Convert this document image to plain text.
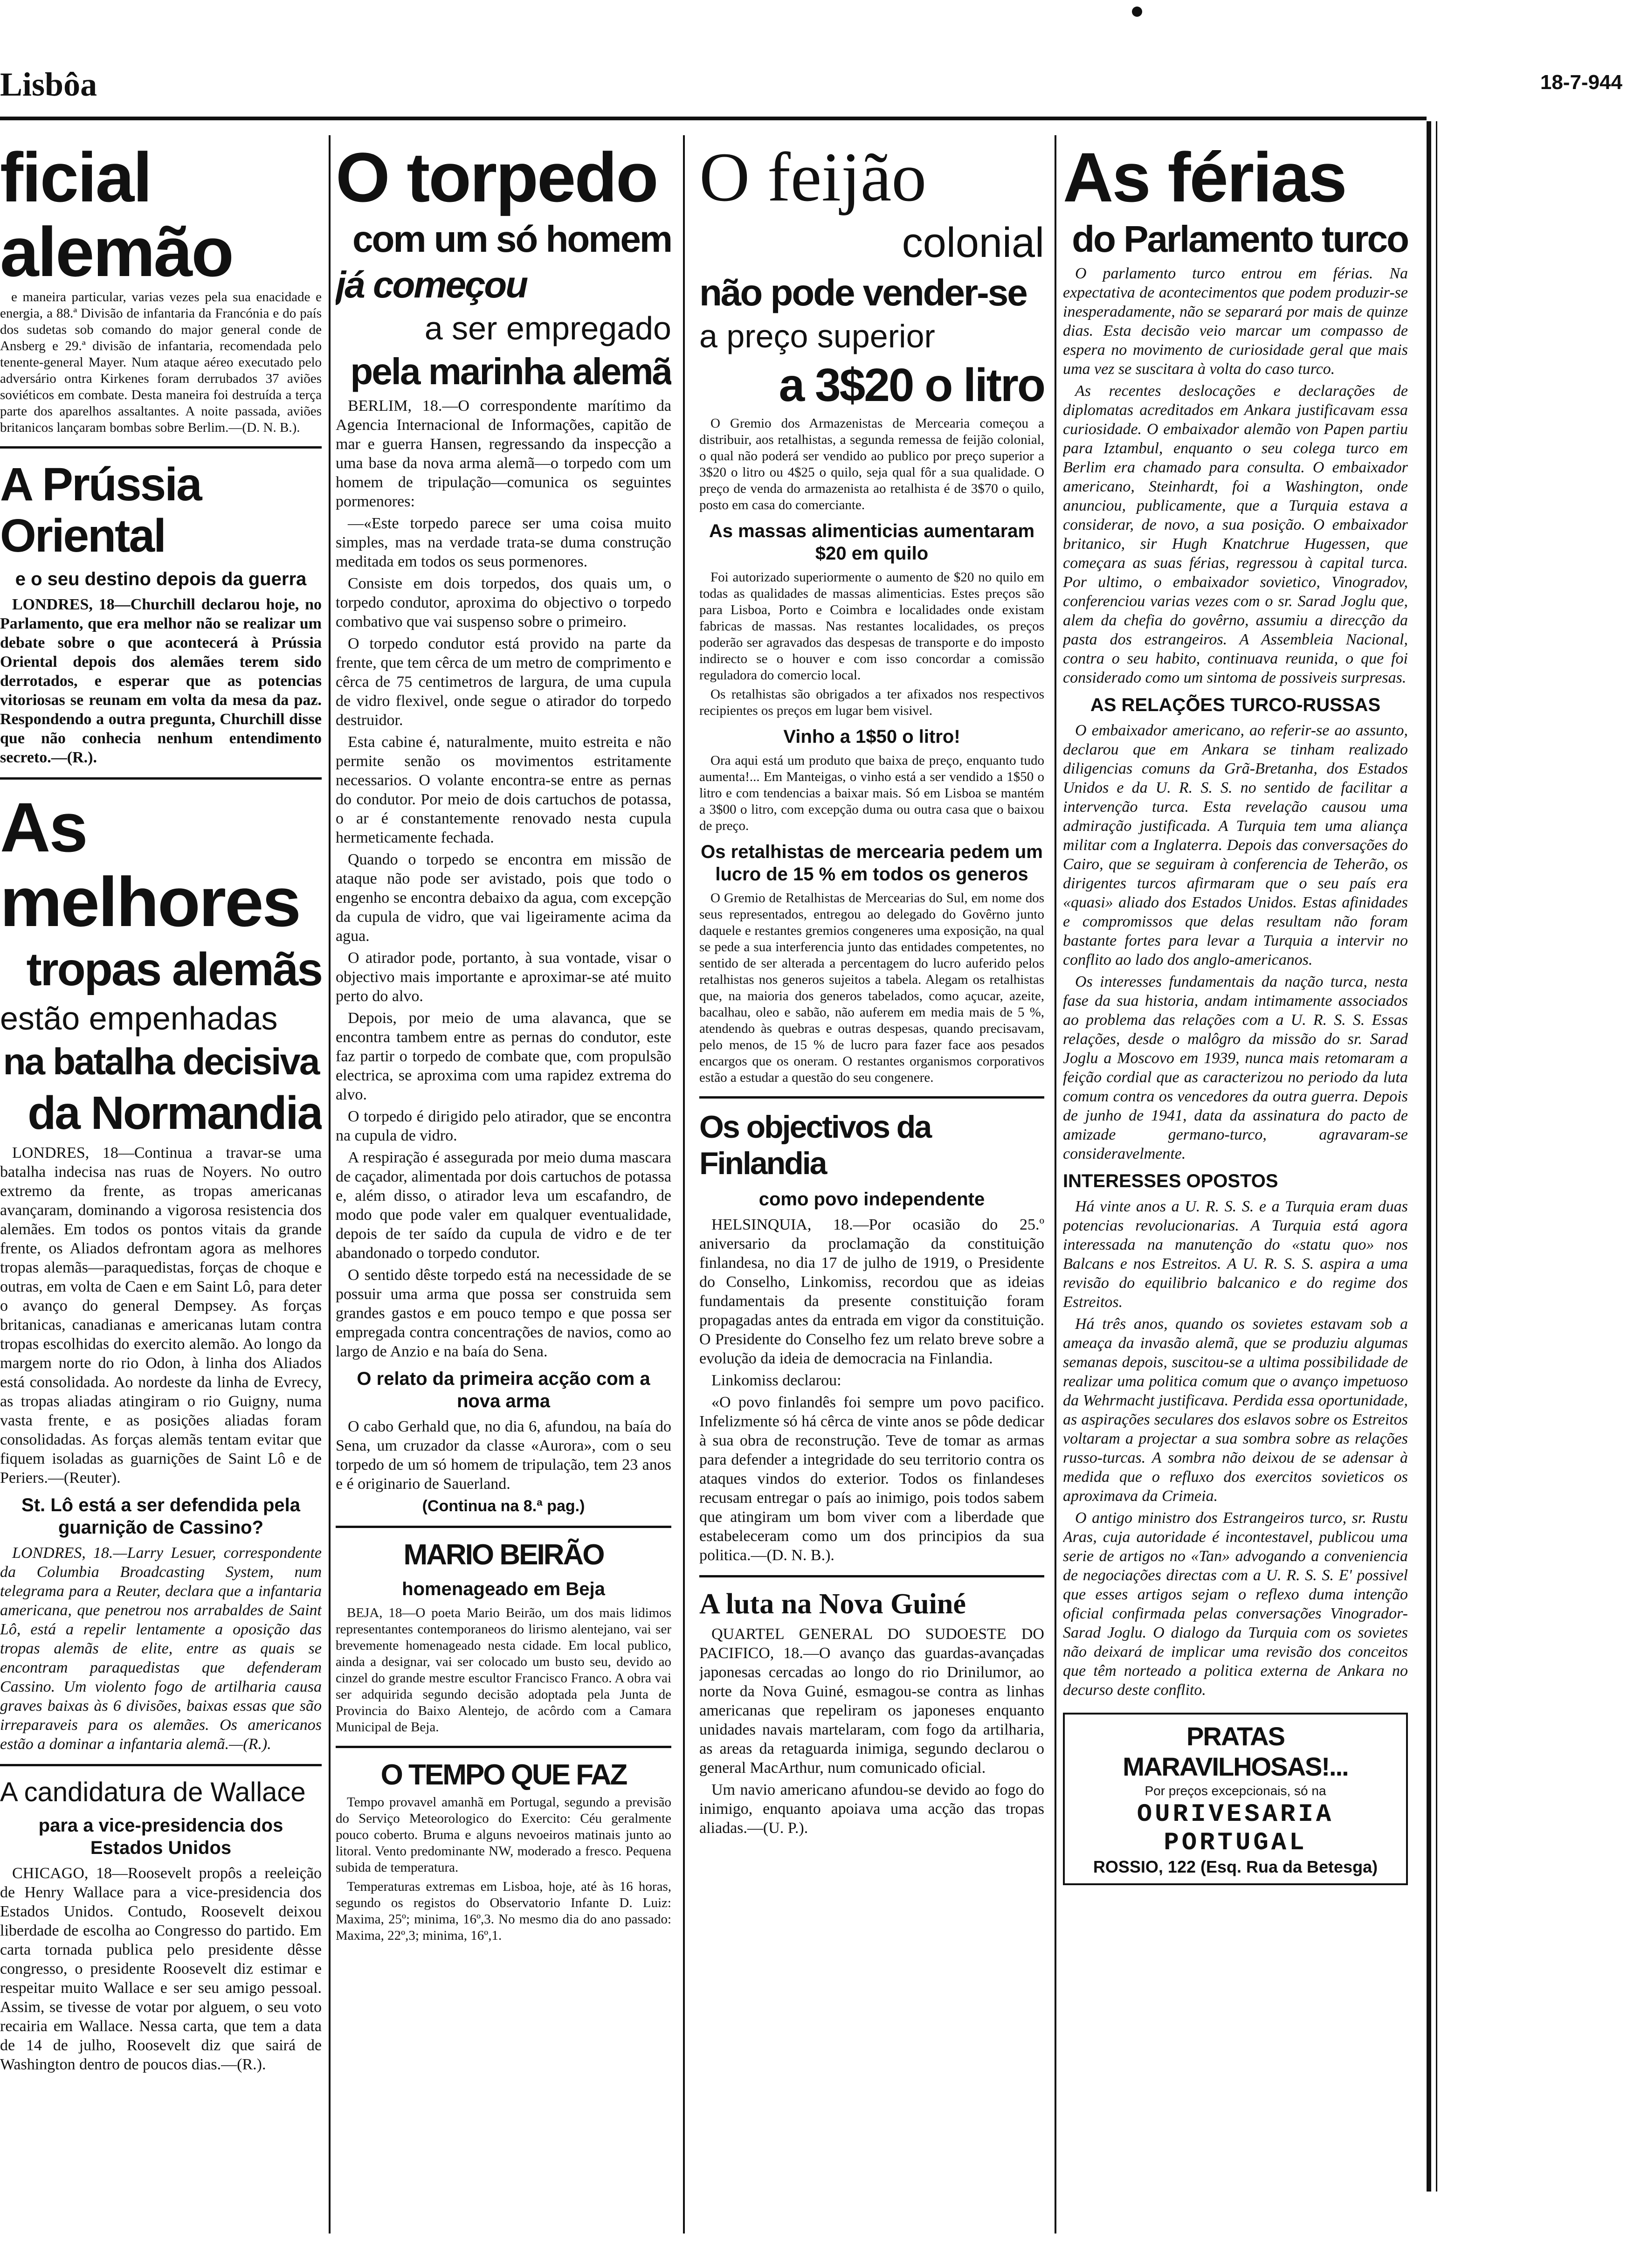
Lisbôa	18-7-944
ficial alemão

e maneira particular, varias vezes pela sua enacidade e energia, a 88.ª Divisão de infantaria da Francónia e do país dos sudetas sob comando do major general conde de Ansberg e 29.ª divisão de infantaria, recomendada pelo tenente-general Mayer. Num ataque aéreo executado pelo adversário ontra Kirkenes foram derrubados 37 aviões soviéticos em combate. Desta maneira foi destruída a terça parte dos aparelhos assaltantes. A noite passada, aviões britanicos lançaram bombas sobre Berlim.—(D. N. B.).

A Prússia Oriental
e o seu destino depois da guerra

LONDRES, 18—Churchill declarou hoje, no Parlamento, que era melhor não se realizar um debate sobre o que acontecerá à Prússia Oriental depois dos alemães terem sido derrotados, e esperar que as potencias vitoriosas se reunam em volta da mesa da paz. Respondendo a outra pregunta, Churchill disse que não conhecia nenhum entendimento secreto.—(R.).

As melhores
tropas alemãs
estão empenhadas
na batalha decisiva
da Normandia

LONDRES, 18—Continua a travar-se uma batalha indecisa nas ruas de Noyers. No outro extremo da frente, as tropas americanas avançaram, dominando a vigorosa resistencia dos alemães. Em todos os pontos vitais da grande frente, os Aliados defrontam agora as melhores tropas alemãs—paraquedistas, forças de choque e outras, em volta de Caen e em Saint Lô, para deter o avanço do general Dempsey. As forças britanicas, canadianas e americanas lutam contra tropas escolhidas do exercito alemão. Ao longo da margem norte do rio Odon, à linha dos Aliados está consolidada. Ao nordeste da linha de Evrecy, as tropas aliadas atingiram o rio Guigny, numa vasta frente, e as posições aliadas foram consolidadas. As forças alemãs tentam evitar que fiquem isoladas as guarnições de Saint Lô e de Periers.—(Reuter).

St. Lô está a ser defendida pela guarnição de Cassino?

LONDRES, 18.—Larry Lesuer, correspondente da Columbia Broadcasting System, num telegrama para a Reuter, declara que a infantaria americana, que penetrou nos arrabaldes de Saint Lô, está a repelir lentamente a oposição das tropas alemãs de elite, entre as quais se encontram paraquedistas que defenderam Cassino. Um violento fogo de artilharia causa graves baixas às 6 divisões, baixas essas que são irreparaveis para os alemães. Os americanos estão a dominar a infantaria alemã.—(R.).

A candidatura de Wallace
para a vice-presidencia dos Estados Unidos

CHICAGO, 18—Roosevelt propôs a reeleição de Henry Wallace para a vice-presidencia dos Estados Unidos. Contudo, Roosevelt deixou liberdade de escolha ao Congresso do partido. Em carta tornada publica pelo presidente dêsse congresso, o presidente Roosevelt diz estimar e respeitar muito Wallace e ser seu amigo pessoal. Assim, se tivesse de votar por alguem, o seu voto recairia em Wallace. Nessa carta, que tem a data de 14 de julho, Roosevelt diz que sairá de Washington dentro de poucos dias.—(R.).

O torpedo
com um só homem
já começou
a ser empregado
pela marinha alemã

BERLIM, 18.—O correspondente marítimo da Agencia Internacional de Informações, capitão de mar e guerra Hansen, regressando da inspecção a uma base da nova arma alemã—o torpedo com um homem de tripulação—comunica os seguintes pormenores:

—«Este torpedo parece ser uma coisa muito simples, mas na verdade trata-se duma construção meditada em todos os seus pormenores.

Consiste em dois torpedos, dos quais um, o torpedo condutor, aproxima do objectivo o torpedo combativo que vai suspenso sobre o primeiro.

O torpedo condutor está provido na parte da frente, que tem cêrca de um metro de comprimento e cêrca de 75 centimetros de largura, de uma cupula de vidro flexivel, onde segue o atirador do torpedo destruidor.

Esta cabine é, naturalmente, muito estreita e não permite senão os movimentos estritamente necessarios. O volante encontra-se entre as pernas do condutor. Por meio de dois cartuchos de potassa, o ar é constantemente renovado nesta cupula hermeticamente fechada.

Quando o torpedo se encontra em missão de ataque não pode ser avistado, pois que todo o engenho se encontra debaixo da agua, com excepção da cupula de vidro, que vai ligeiramente acima da agua.

O atirador pode, portanto, à sua vontade, visar o objectivo mais importante e aproximar-se até muito perto do alvo.

Depois, por meio de uma alavanca, que se encontra tambem entre as pernas do condutor, este faz partir o torpedo de combate que, com propulsão electrica, se aproxima com uma rapidez extrema do alvo.

O torpedo é dirigido pelo atirador, que se encontra na cupula de vidro.

A respiração é assegurada por meio duma mascara de caçador, alimentada por dois cartuchos de potassa e, além disso, o atirador leva um escafandro, de modo que pode valer em qualquer eventualidade, depois de ter saído da cupula de vidro e de ter abandonado o torpedo condutor.

O sentido dêste torpedo está na necessidade de se possuir uma arma que possa ser construida sem grandes gastos e em pouco tempo e que possa ser empregada contra concentrações de navios, como ao largo de Anzio e na baía do Sena.

O relato da primeira acção com a nova arma

O cabo Gerhald que, no dia 6, afundou, na baía do Sena, um cruzador da classe «Aurora», com o seu torpedo de um só homem de tripulação, tem 23 anos e é originario de Sauerland.

(Continua na 8.ª pag.)
MARIO BEIRÃO
homenageado em Beja

BEJA, 18—O poeta Mario Beirão, um dos mais lidimos representantes contemporaneos do lirismo alentejano, vai ser brevemente homenageado nesta cidade. Em local publico, ainda a designar, vai ser colocado um busto seu, devido ao cinzel do grande mestre escultor Francisco Franco. A obra vai ser adquirida segundo decisão adoptada pela Junta de Provincia do Baixo Alentejo, de acôrdo com a Camara Municipal de Beja.

O TEMPO QUE FAZ

Tempo provavel amanhã em Portugal, segundo a previsão do Serviço Meteorologico do Exercito: Céu geralmente pouco coberto. Bruma e alguns nevoeiros matinais junto ao litoral. Vento predominante NW, moderado a fresco. Pequena subida de temperatura.

Temperaturas extremas em Lisboa, hoje, até às 16 horas, segundo os registos do Observatorio Infante D. Luiz: Maxima, 25º; minima, 16º,3. No mesmo dia do ano passado: Maxima, 22º,3; minima, 16º,1.

O feijão
colonial
não pode vender-se
a preço superior
a 3$20 o litro

O Gremio dos Armazenistas de Mercearia começou a distribuir, aos retalhistas, a segunda remessa de feijão colonial, o qual não poderá ser vendido ao publico por preço superior a 3$20 o litro ou 4$25 o quilo, seja qual fôr a sua qualidade. O preço de venda do armazenista ao retalhista é de 3$70 o quilo, posto em casa do comerciante.

As massas alimenticias aumentaram $20 em quilo

Foi autorizado superiormente o aumento de $20 no quilo em todas as qualidades de massas alimenticias. Estes preços são para Lisboa, Porto e Coimbra e localidades onde existam fabricas de massas. Nas restantes localidades, os preços poderão ser agravados das despesas de transporte e do imposto indirecto se o houver e com isso concordar a comissão reguladora do comercio local.

Os retalhistas são obrigados a ter afixados nos respectivos recipientes os preços em lugar bem visivel.

Vinho a 1$50 o litro!

Ora aqui está um produto que baixa de preço, enquanto tudo aumenta!... Em Manteigas, o vinho está a ser vendido a 1$50 o litro e com tendencias a baixar mais. Só em Lisboa se mantém a 3$00 o litro, com excepção duma ou outra casa que o baixou de preço.

Os retalhistas de mercearia pedem um lucro de 15 % em todos os generos

O Gremio de Retalhistas de Mercearias do Sul, em nome dos seus representados, entregou ao delegado do Govêrno junto daquele e restantes gremios congeneres uma exposição, na qual se pede a sua interferencia junto das entidades competentes, no sentido de ser alterada a percentagem do lucro auferido pelos retalhistas nos generos sujeitos a tabela. Alegam os retalhistas que, na maioria dos generos tabelados, como açucar, azeite, bacalhau, oleo e sabão, não auferem em media mais de 5 %, atendendo às quebras e outras despesas, quando precisavam, pelo menos, de 15 % de lucro para fazer face aos pesados encargos que os oneram. O restantes organismos corporativos estão a estudar a questão do seu congenere.

Os objectivos da Finlandia
como povo independente

HELSINQUIA, 18.—Por ocasião do 25.º aniversario da proclamação da constituição finlandesa, no dia 17 de julho de 1919, o Presidente do Conselho, Linkomiss, recordou que as ideias fundamentais da presente constituição foram propagadas antes da entrada em vigor da constituição. O Presidente do Conselho fez um relato breve sobre a evolução da ideia de democracia na Finlandia.

Linkomiss declarou:

«O povo finlandês foi sempre um povo pacifico. Infelizmente só há cêrca de vinte anos se pôde dedicar à sua obra de reconstrução. Teve de tomar as armas para defender a integridade do seu territorio contra os ataques vindos do exterior. Todos os finlandeses recusam entregar o país ao inimigo, pois todos sabem que atingiram um bom viver com a liberdade que estabeleceram como um dos principios da sua politica.—(D. N. B.).

A luta na Nova Guiné

QUARTEL GENERAL DO SUDOESTE DO PACIFICO, 18.—O avanço das guardas-avançadas japonesas cercadas ao longo do rio Drinilumor, ao norte da Nova Guiné, esmagou-se contra as linhas americanas que repeliram os japoneses enquanto unidades navais martelaram, com fogo da artilharia, as areas da retaguarda inimiga, segundo declarou o general MacArthur, num comunicado oficial.

Um navio americano afundou-se devido ao fogo do inimigo, enquanto apoiava uma acção das tropas aliadas.—(U. P.).

As férias
do Parlamento turco

O parlamento turco entrou em férias. Na expectativa de acontecimentos que podem produzir-se inesperadamente, não se separará por mais de quinze dias. Esta decisão veio marcar um compasso de espera no movimento de curiosidade geral que mais uma vez se suscitara à volta do caso turco.

As recentes deslocações e declarações de diplomatas acreditados em Ankara justificavam essa curiosidade. O embaixador alemão von Papen partiu para Iztambul, enquanto o seu colega turco em Berlim era chamado para consulta. O embaixador americano, Steinhardt, foi a Washington, onde anunciou, publicamente, que a Turquia estava a considerar, de novo, a sua posição. O embaixador britanico, sir Hugh Knatchrue Hugessen, que começara as suas férias, regressou à capital turca. Por ultimo, o embaixador sovietico, Vinogradov, conferenciou varias vezes com o sr. Sarad Joglu que, alem da chefia do govêrno, assumiu a direcção da pasta dos estrangeiros. A Assembleia Nacional, contra o seu habito, continuava reunida, o que foi considerado como um sintoma de possiveis surpresas.

AS RELAÇÕES TURCO-RUSSAS

O embaixador americano, ao referir-se ao assunto, declarou que em Ankara se tinham realizado diligencias comuns da Grã-Bretanha, dos Estados Unidos e da U. R. S. S. no sentido de facilitar a intervenção turca. Esta revelação causou uma admiração justificada. A Turquia tem uma aliança militar com a Inglaterra. Depois das conversações do Cairo, que se seguiram à conferencia de Teherão, os dirigentes turcos afirmaram que o seu país era «quasi» aliado dos Estados Unidos. Estas afinidades e compromissos que delas resultam não foram bastante fortes para levar a Turquia a intervir no conflito ao lado dos anglo-americanos.

Os interesses fundamentais da nação turca, nesta fase da sua historia, andam intimamente associados ao problema das relações com a U. R. S. S. Essas relações, desde o malôgro da missão do sr. Sarad Joglu a Moscovo em 1939, nunca mais retomaram a feição cordial que as caracterizou no periodo da luta comum contra os vencedores da outra guerra. Depois de junho de 1941, data da assinatura do pacto de amizade germano-turco, agravaram-se consideravelmente.

INTERESSES OPOSTOS

Há vinte anos a U. R. S. S. e a Turquia eram duas potencias revolucionarias. A Turquia está agora interessada na manutenção do «statu quo» nos Balcans e nos Estreitos. A U. R. S. S. aspira a uma revisão do equilibrio balcanico e do regime dos Estreitos.

Há três anos, quando os sovietes estavam sob a ameaça da invasão alemã, que se produziu algumas semanas depois, suscitou-se a ultima possibilidade de realizar uma politica comum que o avanço impetuoso da Wehrmacht justificava. Perdida essa oportunidade, as aspirações seculares dos eslavos sobre os Estreitos voltaram a projectar a sua sombra sobre as relações russo-turcas. A sombra não deixou de se adensar à medida que o refluxo dos exercitos sovieticos os aproximava da Crimeia.

O antigo ministro dos Estrangeiros turco, sr. Rustu Aras, cuja autoridade é incontestavel, publicou uma serie de artigos no «Tan» advogando a conveniencia de negociações directas com a U. R. S. S. E' possivel que esses artigos sejam o reflexo duma intenção oficial confirmada pelas conversações Vinogrador-Sarad Joglu. O dialogo da Turquia com os sovietes não deixará de implicar uma revisão dos conceitos que têm norteado a politica externa de Ankara no decurso deste conflito.

PRATAS MARAVILHOSAS!...
Por preços excepcionais, só na
OURIVESARIA PORTUGAL
ROSSIO, 122 (Esq. Rua da Betesga)
